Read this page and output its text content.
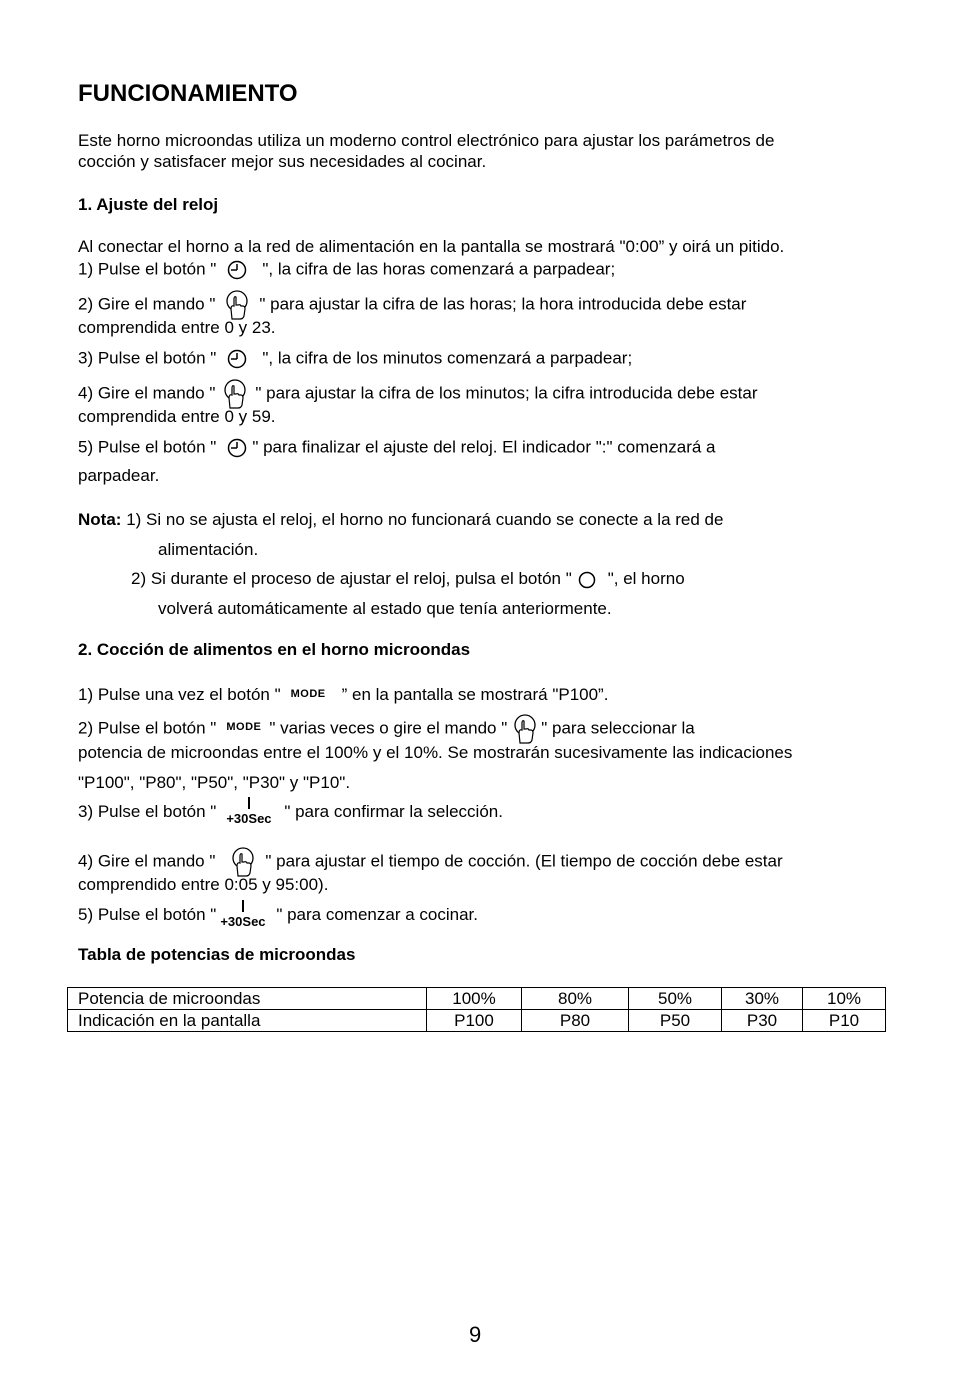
FUNCIONAMIENTO
Este horno microondas utiliza un moderno control electrónico para ajustar los parámetros de
cocción y satisfacer mejor sus necesidades al cocinar.
1. Ajuste del reloj
Al conectar el horno a la red de alimentación en la pantalla se mostrará "0:00” y oirá un pitido.
1) Pulse el botón "	", la cifra de las horas comenzará a parpadear;
2) Gire el mando "	" para ajustar la cifra de las horas; la hora introducida debe estar
comprendida entre 0 y 23.
3) Pulse el botón "	", la cifra de los minutos comenzará a parpadear;
4) Gire el mando " " para ajustar la cifra de los minutos; la cifra introducida debe estar
comprendida entre 0 y 59.
5) Pulse el botón " " para finalizar el ajuste del reloj. El indicador ":" comenzará a
parpadear.
Nota: 1) Si no se ajusta el reloj, el horno no funcionará cuando se conecte a la red de
alimentación.
2) Si durante el proceso de ajustar el reloj, pulsa el botón " ", el horno
volverá automáticamente al estado que tenía anteriormente.
2. Cocción de alimentos en el horno microondas
1) Pulse una vez el botón " MODE ” en la pantalla se mostrará "P100”.
2) Pulse el botón " MODE " varias veces o gire el mando " " para seleccionar la
potencia de microondas entre el 100% y el 10%. Se mostrarán sucesivamente las indicaciones
"P100", "P80", "P50", "P30" y "P10".
3) Pulse el botón " +30Sec " para confirmar la selección.
4) Gire el mando "	" para ajustar el tiempo de cocción. (El tiempo de cocción debe estar
comprendido entre 0:05 y 95:00).
5) Pulse el botón " +30Sec " para comenzar a cocinar.
Tabla de potencias de microondas
Potencia de microondas	100%	80%	50%	30%	10%
Indicación en la pantalla	P100	P80	P50	P30	P10
9
